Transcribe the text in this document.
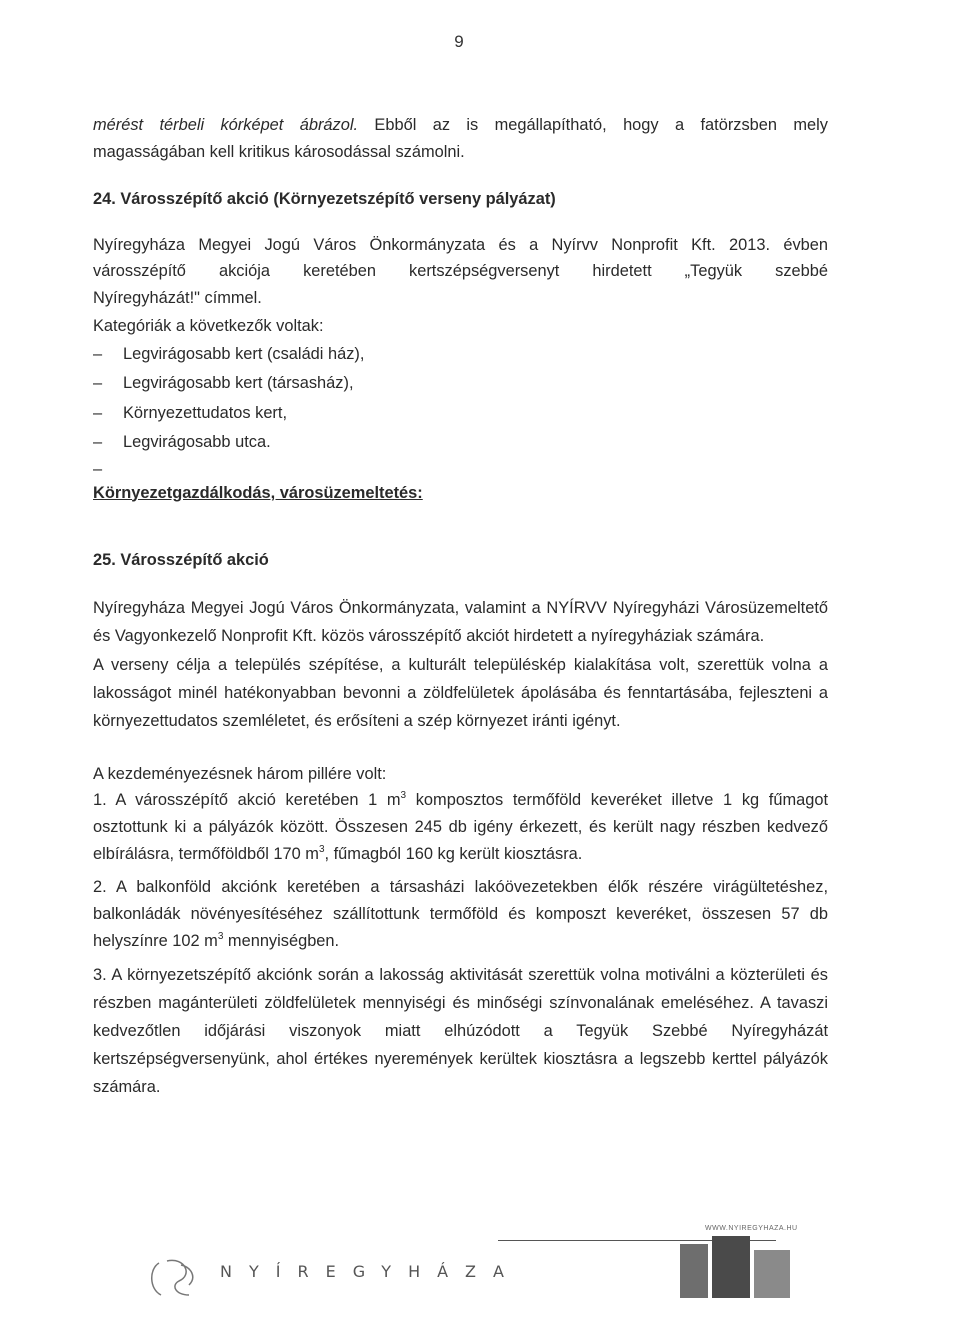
9

mérést térbeli kórképet ábrázol. Ebből az is megállapítható, hogy a fatörzsben mely
magasságában kell kritikus károsodással számolni.

24. Városszépítő akció (Környezetszépítő verseny pályázat)

Nyíregyháza Megyei Jogú Város Önkormányzata és a Nyírvv Nonprofit Kft. 2013. évben
városszépítő akciója keretében kertszépségversenyt hirdetett „Tegyük szebbé
Nyíregyházát!" címmel.

Kategóriák a következők voltak:

– Legvirágosabb kert (családi ház),
– Legvirágosabb kert (társasház),
– Környezettudatos kert,
– Legvirágosabb utca.
–

Környezetgazdálkodás, városüzemeltetés:

25. Városszépítő akció

Nyíregyháza Megyei Jogú Város Önkormányzata, valamint a NYÍRVV Nyíregyházi Városüzemeltető és Vagyonkezelő Nonprofit Kft. közös városszépítő akciót hirdetett a nyíregyháziak számára.

A verseny célja a település szépítése, a kulturált településkép kialakítása volt, szerettük volna a lakosságot minél hatékonyabban bevonni a zöldfelületek ápolásába és fenntartásába, fejleszteni a környezettudatos szemléletet, és erősíteni a szép környezet iránti igényt.

A kezdeményezésnek három pillére volt:

1. A városszépítő akció keretében 1 $m^3$ komposztos termőföld keveréket illetve 1 kg fűmagot osztottunk ki a pályázók között. Összesen 245 db igény érkezett, és került nagy részben kedvező elbírálásra, termőföldből 170 $m^3$, fűmagból 160 kg került kiosztásra.

2. A balkonföld akciónk keretében a társasházi lakóövezetekben élők részére virágültetéshez, balkonládák növényesítéséhez szállítottunk termőföld és komposzt keveréket, összesen 57 db helyszínre 102 $m^3$ mennyiségben.

3. A környezetszépítő akciónk során a lakosság aktivitását szerettük volna motiválni a közterületi és részben magánterületi zöldfelületek mennyiségi és minőségi színvonalának emeléséhez. A tavaszi kedvezőtlen időjárási viszonyok miatt elhúzódott a Tegyük Szebbé Nyíregyházát kertszépségversenyünk, ahol értékes nyeremények kerültek kiosztásra a legszebb kerttel pályázók számára.

WWW.NYIREGYHAZA.HU
NYÍREGYHÁZA
